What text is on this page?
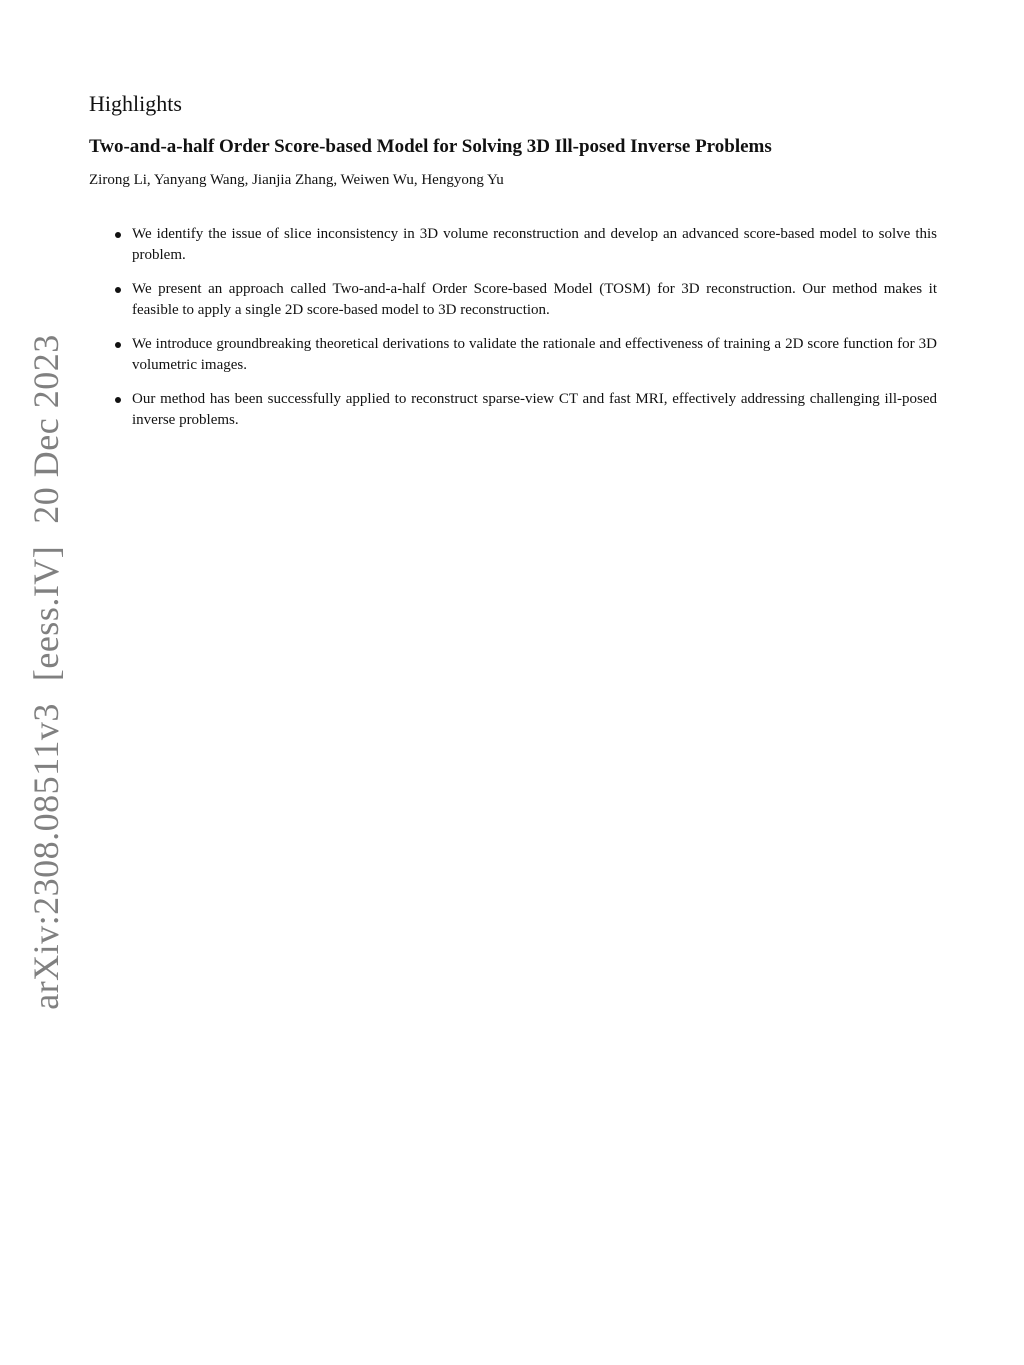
Highlights
Two-and-a-half Order Score-based Model for Solving 3D Ill-posed Inverse Problems

Zirong Li, Yanyang Wang, Jianjia Zhang, Weiwen Wu, Hengyong Yu

We identify the issue of slice inconsistency in 3D volume reconstruction and develop an advanced score-based model to solve this problem.
We present an approach called Two-and-a-half Order Score-based Model (TOSM) for 3D reconstruction. Our method makes it feasible to apply a single 2D score-based model to 3D reconstruction.
We introduce groundbreaking theoretical derivations to validate the rationale and effectiveness of training a 2D score function for 3D volumetric images.
Our method has been successfully applied to reconstruct sparse-view CT and fast MRI, effectively addressing challenging ill-posed inverse problems.
arXiv:2308.08511v3[eess.IV]20 Dec 2023
